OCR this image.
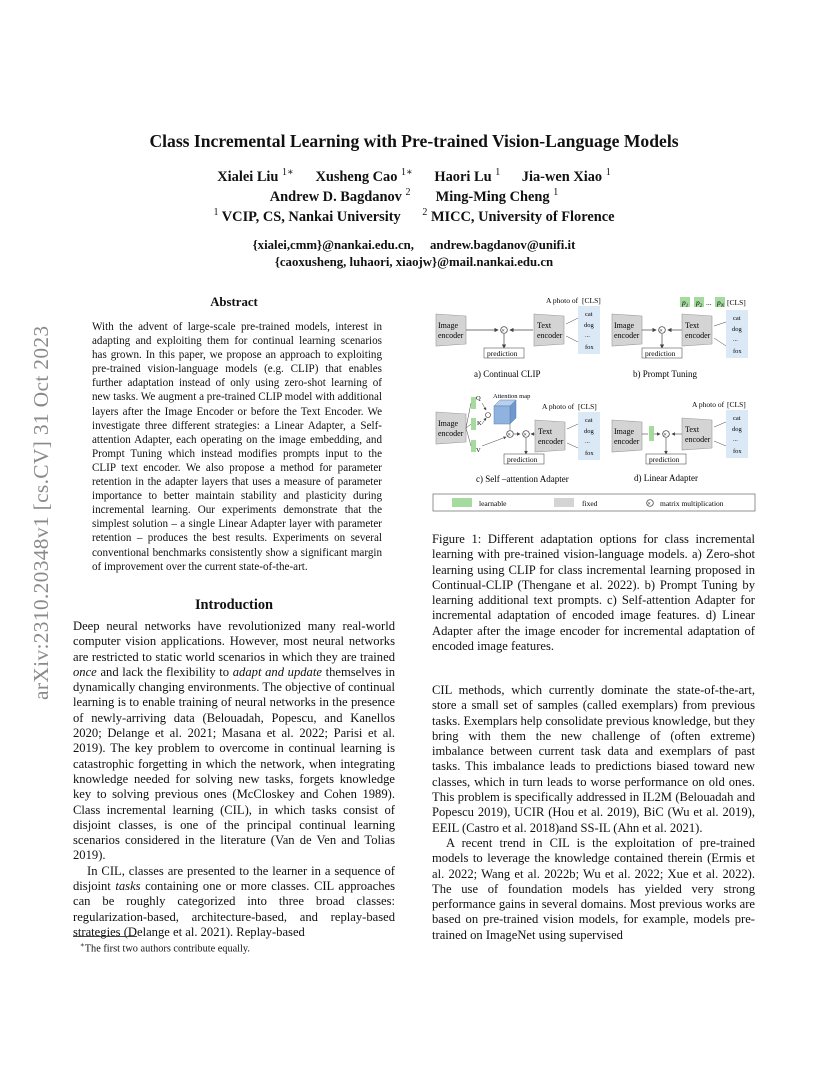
arXiv:2310.20348v1 [cs.CV] 31 Oct 2023
Class Incremental Learning with Pre-trained Vision-Language Models
Xialei Liu $^{1∗}$ Xusheng Cao $^{1∗}$ Haori Lu $^1$ Jia-wen Xiao $^1$
Andrew D. Bagdanov $^2$ Ming-Ming Cheng $^1$
$^1$ VCIP, CS, Nankai University $^2$ MICC, University of Florence
{xialei,cmm}@nankai.edu.cn,     andrew.bagdanov@unifi.it
{caoxusheng, luhaori, xiaojw}@mail.nankai.edu.cn
Abstract
With the advent of large-scale pre-trained models, interest in adapting and exploiting them for continual learning scenarios has grown. In this paper, we propose an approach to exploiting pre-trained vision-language models (e.g. CLIP) that enables further adaptation instead of only using zero-shot learning of new tasks. We augment a pre-trained CLIP model with additional layers after the Image Encoder or before the Text Encoder. We investigate three different strategies: a Linear Adapter, a Self-attention Adapter, each operating on the image embedding, and Prompt Tuning which instead modifies prompts input to the CLIP text encoder. We also propose a method for parameter retention in the adapter layers that uses a measure of parameter importance to better maintain stability and plasticity during incremental learning. Our experiments demonstrate that the simplest solution – a single Linear Adapter layer with parameter retention – produces the best results. Experiments on several conventional benchmarks consistently show a significant margin of improvement over the current state-of-the-art.
Introduction

Deep neural networks have revolutionized many real-world computer vision applications. However, most neural networks are restricted to static world scenarios in which they are trained once and lack the flexibility to adapt and update themselves in dynamically changing environments. The objective of continual learning is to enable training of neural networks in the presence of newly-arriving data (Belouadah, Popescu, and Kanellos 2020; Delange et al. 2021; Masana et al. 2022; Parisi et al. 2019). The key problem to overcome in continual learning is catastrophic forgetting in which the network, when integrating knowledge needed for solving new tasks, forgets knowledge key to solving previous ones (McCloskey and Cohen 1989). Class incremental learning (CIL), in which tasks consist of disjoint classes, is one of the principal continual learning scenarios considered in the literature (Van de Ven and Tolias 2019).

In CIL, classes are presented to the learner in a sequence of disjoint tasks containing one or more classes. CIL approaches can be roughly categorized into three broad classes: regularization-based, architecture-based, and replay-based strategies (Delange et al. 2021). Replay-based

∗The first two authors contribute equally.
A photo of [CLS]
Image
encoder	×
Text
encoder
prediction
cat
dog
...
fox
a) Continual CLIP
$p_1$ $p_2$ ... $p_N$ [CLS]
Image
encoder	×
Text
encoder
prediction
cat
dog
...
fox
b) Prompt Tuning
Image
encoder
Q
K
V
Attention map
× ×
A photo of [CLS]
Text
encoder
prediction
cat
dog
...
fox
c) Self –attention Adapter
A photo of [CLS]
Image
encoder
×
Text
encoder
prediction
cat
dog
...
fox
d) Linear Adapter
learnable	fixed	× matrix multiplication
Figure 1: Different adaptation options for class incremental learning with pre-trained vision-language models. a) Zero-shot learning using CLIP for class incremental learning proposed in Continual-CLIP (Thengane et al. 2022). b) Prompt Tuning by learning additional text prompts. c) Self-attention Adapter for incremental adaptation of encoded image features. d) Linear Adapter after the image encoder for incremental adaptation of encoded image features.

CIL methods, which currently dominate the state-of-the-art, store a small set of samples (called exemplars) from previous tasks. Exemplars help consolidate previous knowledge, but they bring with them the new challenge of (often extreme) imbalance between current task data and exemplars of past tasks. This imbalance leads to predictions biased toward new classes, which in turn leads to worse performance on old ones. This problem is specifically addressed in IL2M (Belouadah and Popescu 2019), UCIR (Hou et al. 2019), BiC (Wu et al. 2019), EEIL (Castro et al. 2018)and SS-IL (Ahn et al. 2021).

A recent trend in CIL is the exploitation of pre-trained models to leverage the knowledge contained therein (Ermis et al. 2022; Wang et al. 2022b; Wu et al. 2022; Xue et al. 2022). The use of foundation models has yielded very strong performance gains in several domains. Most previous works are based on pre-trained vision models, for example, models pre-trained on ImageNet using supervised
